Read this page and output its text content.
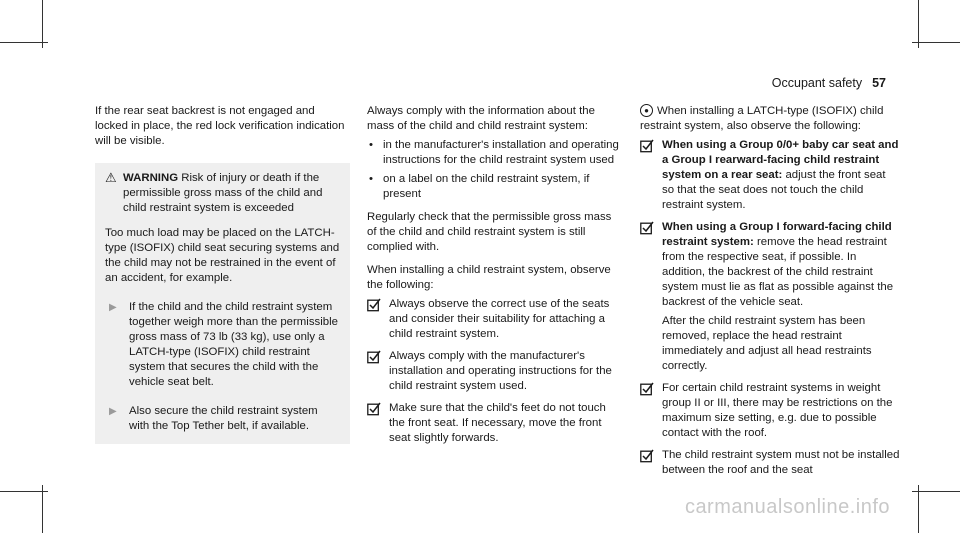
Occupant safety 57

If the rear seat backrest is not engaged and locked in place, the red lock verification indication will be visible.

⚠ WARNING Risk of injury or death if the permissible gross mass of the child and child restraint system is exceeded

Too much load may be placed on the LATCH-type (ISOFIX) child seat securing systems and the child may not be restrained in the event of an accident, for example.

▶	If the child and the child restraint system together weigh more than the permissible gross mass of 73 lb (33 kg), use only a LATCH-type (ISOFIX) child restraint system that secures the child with the vehicle seat belt.
▶	Also secure the child restraint system with the Top Tether belt, if available.

Always comply with the information about the mass of the child and child restraint system:

• in the manufacturer's installation and operating instructions for the child restraint system used
• on a label on the child restraint system, if present

Regularly check that the permissible gross mass of the child and child restraint system is still complied with.

When installing a child restraint system, observe the following:

Always observe the correct use of the seats and consider their suitability for attaching a child restraint system.
Always comply with the manufacturer's installation and operating instructions for the child restraint system used.
Make sure that the child's feet do not touch the front seat. If necessary, move the front seat slightly forwards.

● When installing a LATCH-type (ISOFIX) child restraint system, also observe the following:

When using a Group 0/0+ baby car seat and a Group I rearward-facing child restraint system on a rear seat: adjust the front seat so that the seat does not touch the child restraint system.
When using a Group I forward-facing child restraint system: remove the head restraint from the respective seat, if possible. In addition, the backrest of the child restraint system must lie as flat as possible against the backrest of the vehicle seat.
After the child restraint system has been removed, replace the head restraint immediately and adjust all head restraints correctly.
For certain child restraint systems in weight group II or III, there may be restrictions on the maximum size setting, e.g. due to possible contact with the roof.
The child restraint system must not be installed between the roof and the seat
carmanualsonline.info
